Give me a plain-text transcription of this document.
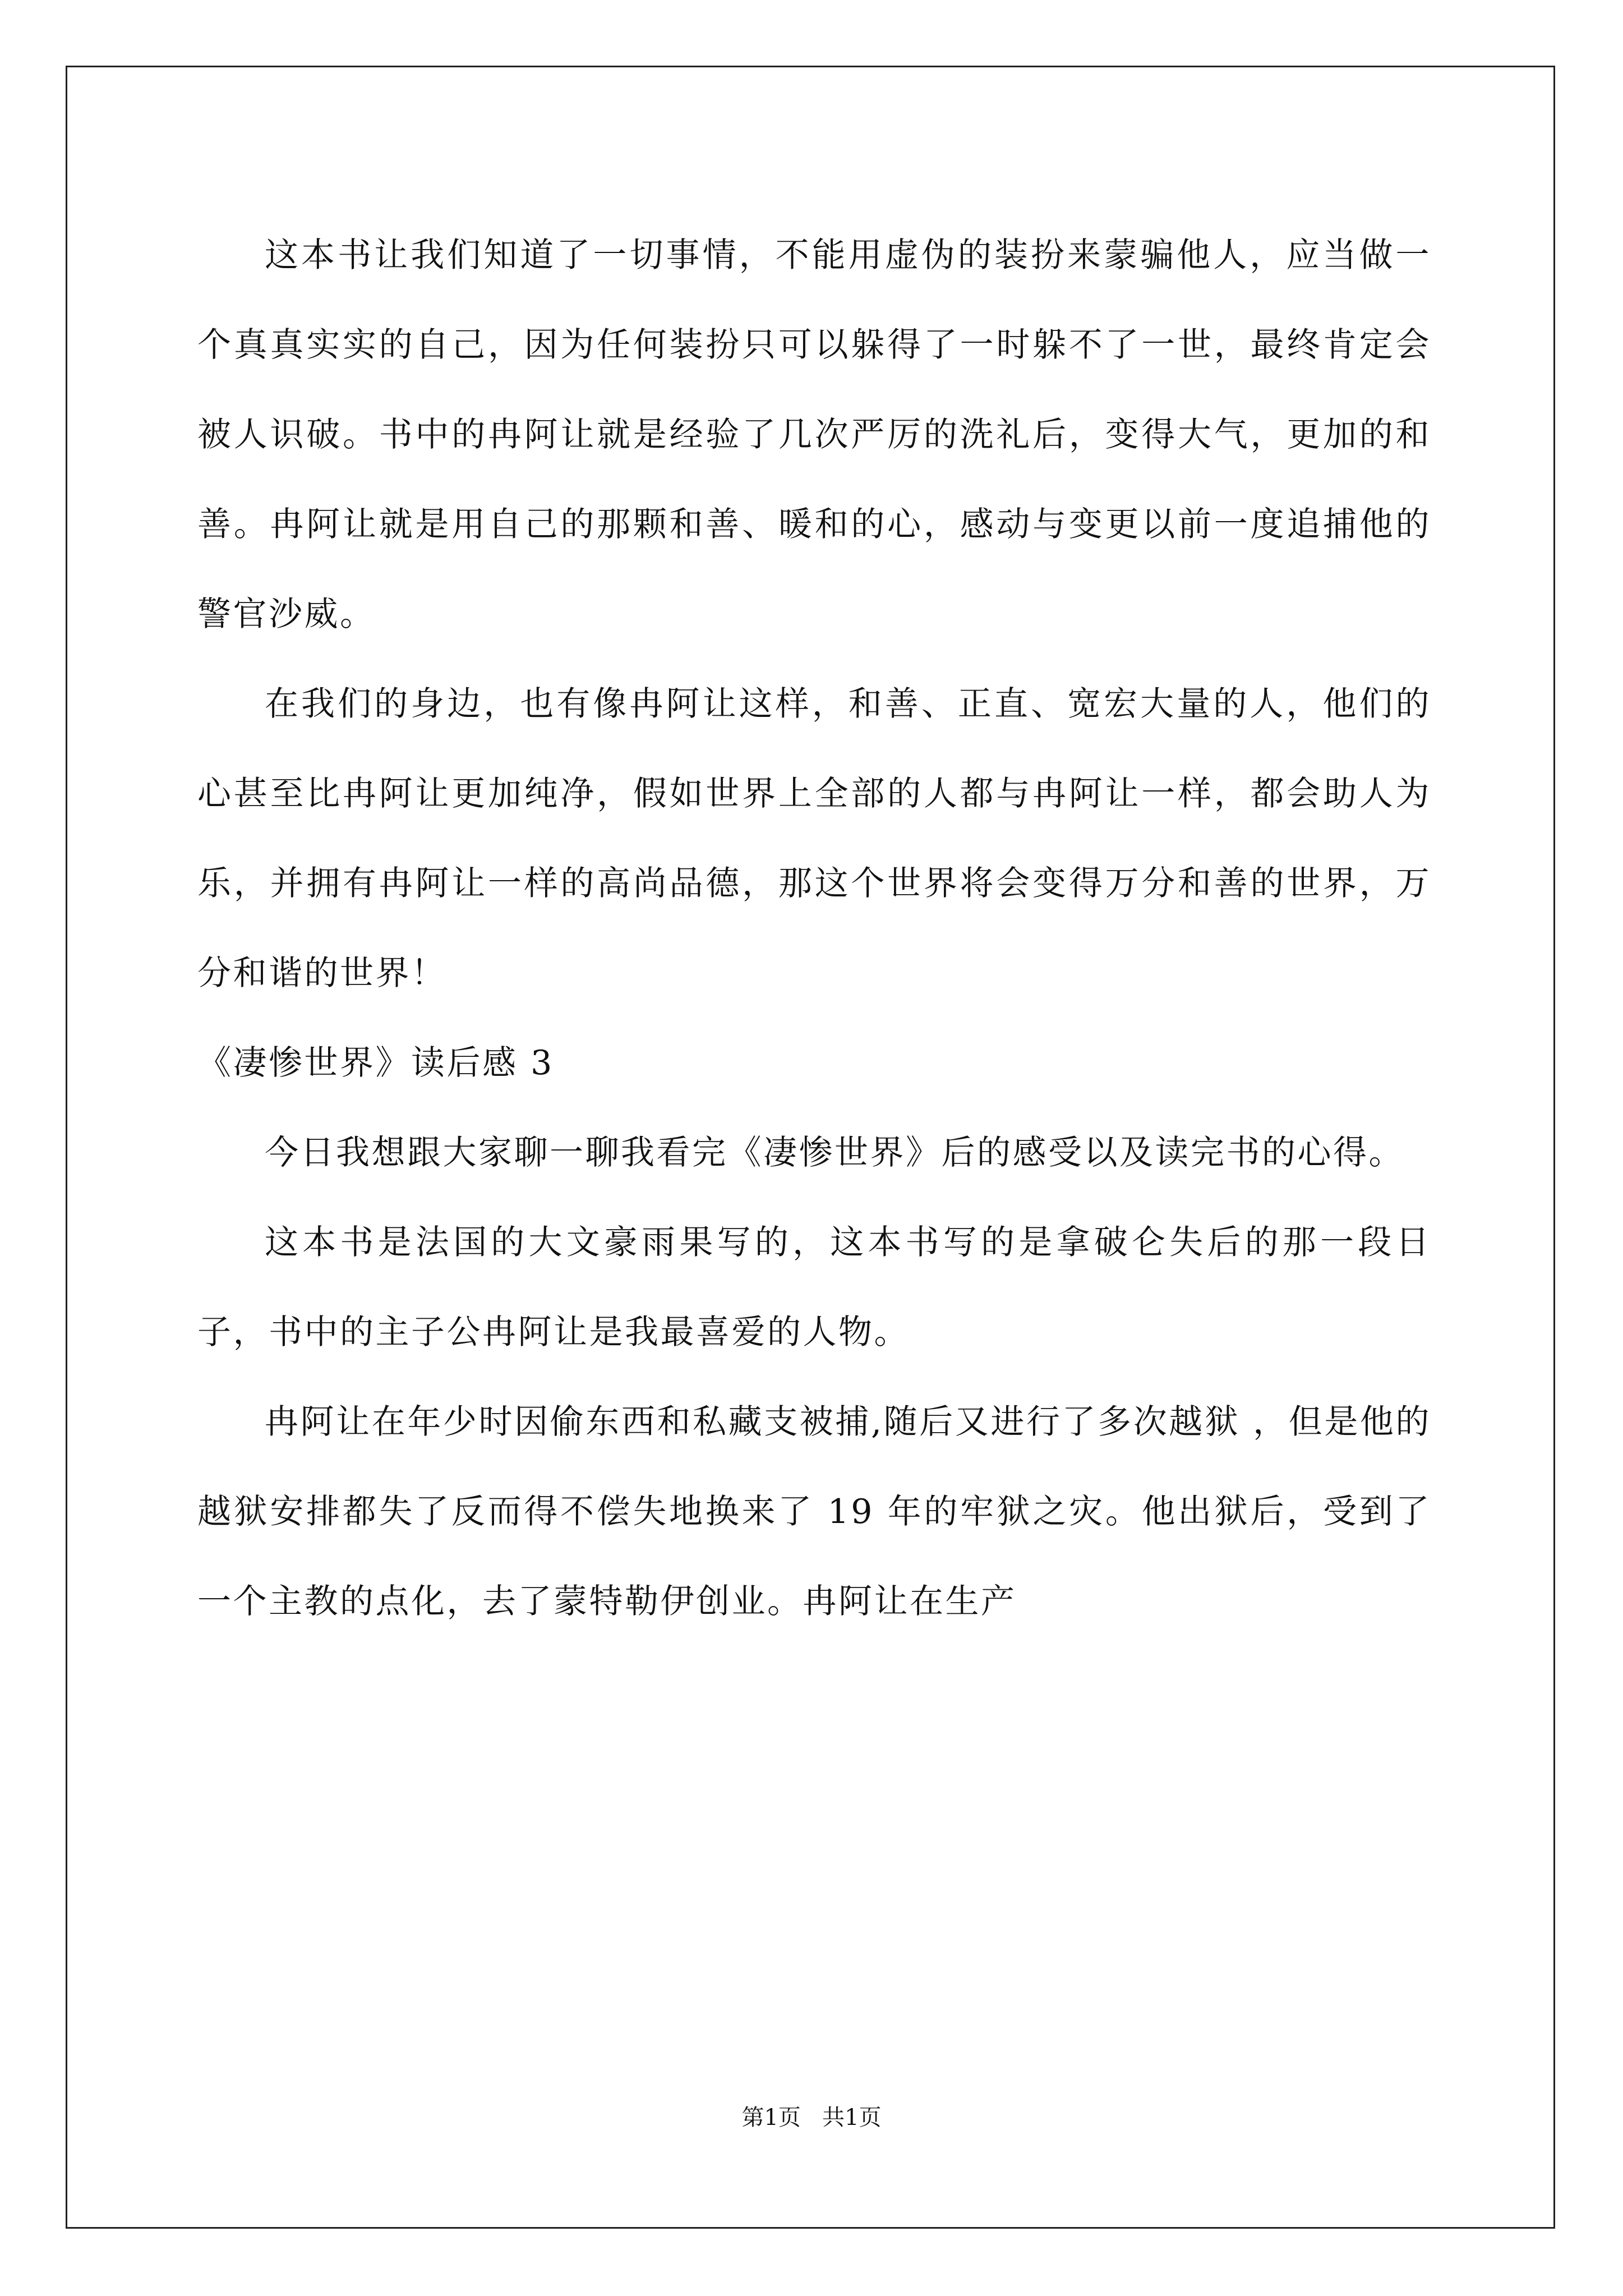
这本书让我们知道了一切事情，不能用虚伪的装扮来蒙骗他人，应当做一个真真实实的自己，因为任何装扮只可以躲得了一时躲不了一世，最终肯定会被人识破。书中的冉阿让就是经验了几次严厉的洗礼后，变得大气，更加的和善。冉阿让就是用自己的那颗和善、暖和的心，感动与变更以前一度追捕他的警官沙威。

在我们的身边，也有像冉阿让这样，和善、正直、宽宏大量的人，他们的心甚至比冉阿让更加纯净，假如世界上全部的人都与冉阿让一样，都会助人为乐，并拥有冉阿让一样的高尚品德，那这个世界将会变得万分和善的世界，万分和谐的世界！

《凄惨世界》读后感 3

今日我想跟大家聊一聊我看完《凄惨世界》后的感受以及读完书的心得。

这本书是法国的大文豪雨果写的，这本书写的是拿破仑失后的那一段日子，书中的主子公冉阿让是我最喜爱的人物。

冉阿让在年少时因偷东西和私藏支被捕,随后又进行了多次越狱 ，但是他的越狱安排都失了反而得不偿失地换来了 19 年的牢狱之灾。他出狱后，受到了一个主教的点化，去了蒙特勒伊创业。冉阿让在生产

第1页   共1页
